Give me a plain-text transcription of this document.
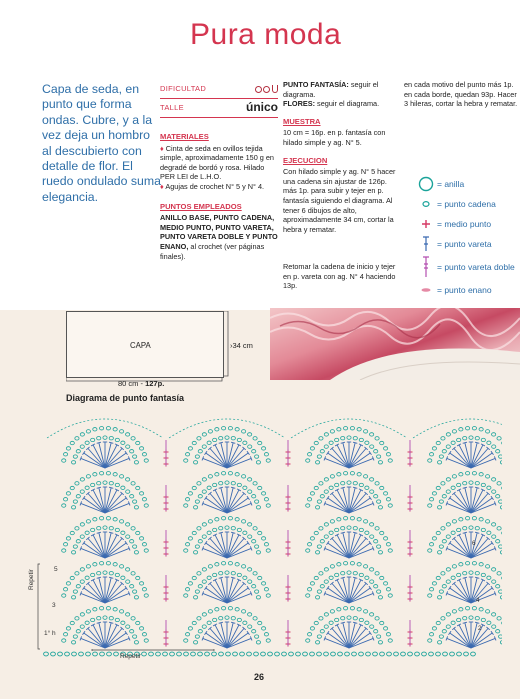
Pura moda
Capa de seda, en punto que forma ondas. Cubre, y a la vez deja un hombro al descubierto con detalle de flor. El ruedo ondulado suma elegancia.
DIFICULTAD
TALLE	único
MATERIALES

♦ Cinta de seda en ovillos tejida simple, aproximadamente 150 g en degradé de bordó y rosa. Hilado PER LEI de L.H.O.

♦ Agujas de crochet N° 5 y N° 4.

PUNTOS EMPLEADOS

ANILLO BASE, PUNTO CADENA, MEDIO PUNTO, PUNTO VARETA, PUNTO VARETA DOBLE Y PUNTO ENANO, al crochet (ver páginas finales).

PUNTO FANTASÍA: seguir el diagrama.

FLORES: seguir el diagrama.

MUESTRA

10 cm = 16p. en p. fantasía con hilado simple y ag. N° 5.

EJECUCION

Con hilado simple y ag. N° 5 hacer una cadena sin ajustar de 126p. más 1p. para subir y tejer en p. fantasía siguiendo el diagrama. Al tener 6 dibujos de alto, aproximadamente 34 cm, cortar la hebra y rematar.

Retomar la cadena de inicio y tejer en p. vareta con ag. N° 4 haciendo 13p.

en cada motivo del punto más 1p. en cada borde, quedan 93p. Hacer 3 hileras, cortar la hebra y rematar.

= anilla
= punto cadena
= medio punto
= punto vareta
= punto vareta doble
= punto enano
CAPA	›34 cm
80 cm - 127p.
Diagrama de punto fantasía
1° h
2
3
4
5
6
Repetir
Repetir
26
